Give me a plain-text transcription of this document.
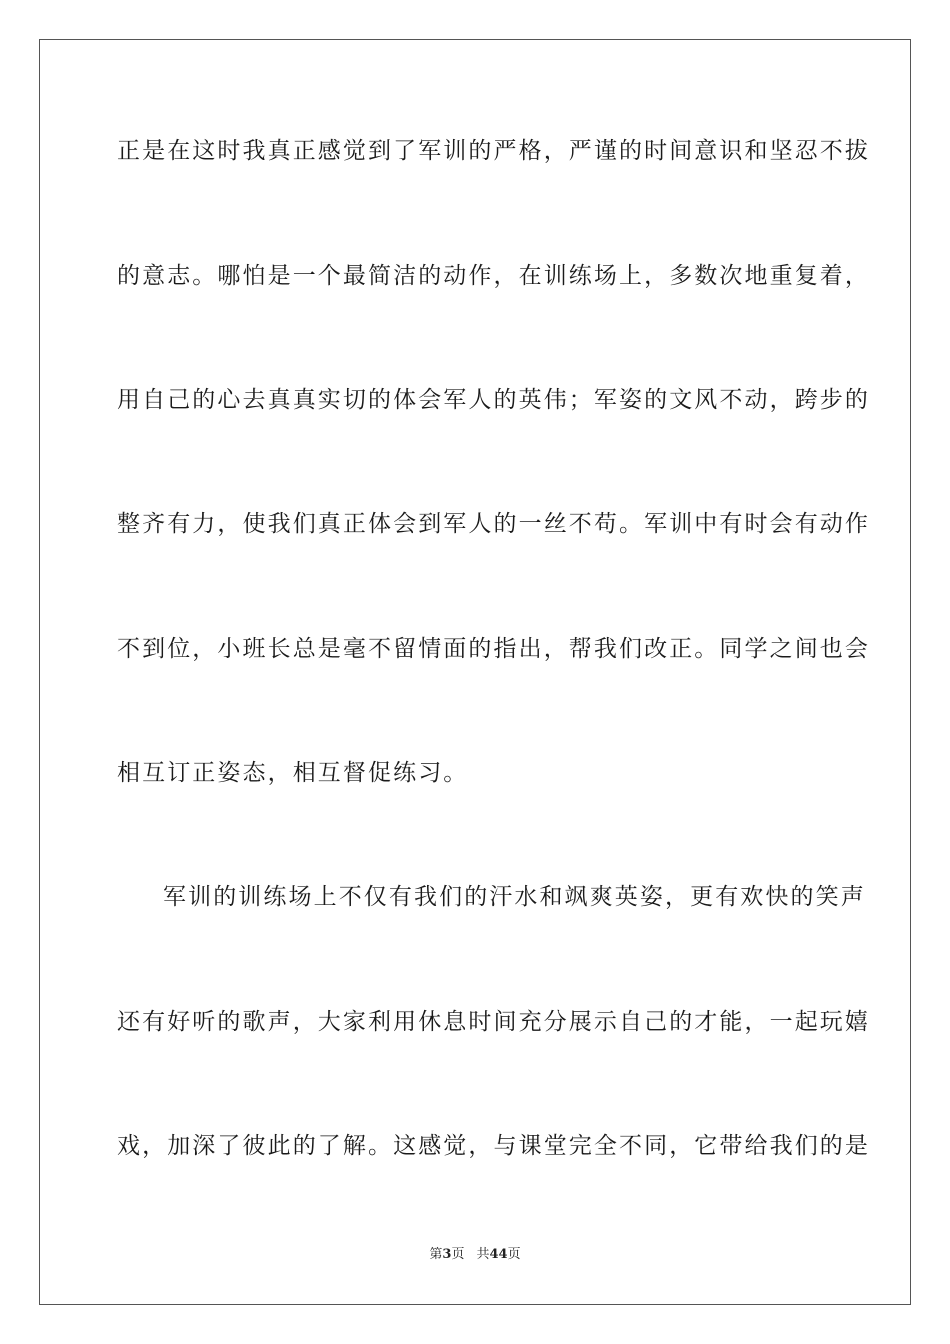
正是在这时我真正感觉到了军训的严格，严谨的时间意识和坚忍不拔
的意志。哪怕是一个最简洁的动作，在训练场上，多数次地重复着，
用自己的心去真真实切的体会军人的英伟；军姿的文风不动，跨步的
整齐有力，使我们真正体会到军人的一丝不苟。军训中有时会有动作
不到位，小班长总是毫不留情面的指出，帮我们改正。同学之间也会
相互订正姿态，相互督促练习。
军训的训练场上不仅有我们的汗水和飒爽英姿，更有欢快的笑声
还有好听的歌声，大家利用休息时间充分展示自己的才能，一起玩嬉
戏，加深了彼此的了解。这感觉，与课堂完全不同，它带给我们的是
第3页 共44页
